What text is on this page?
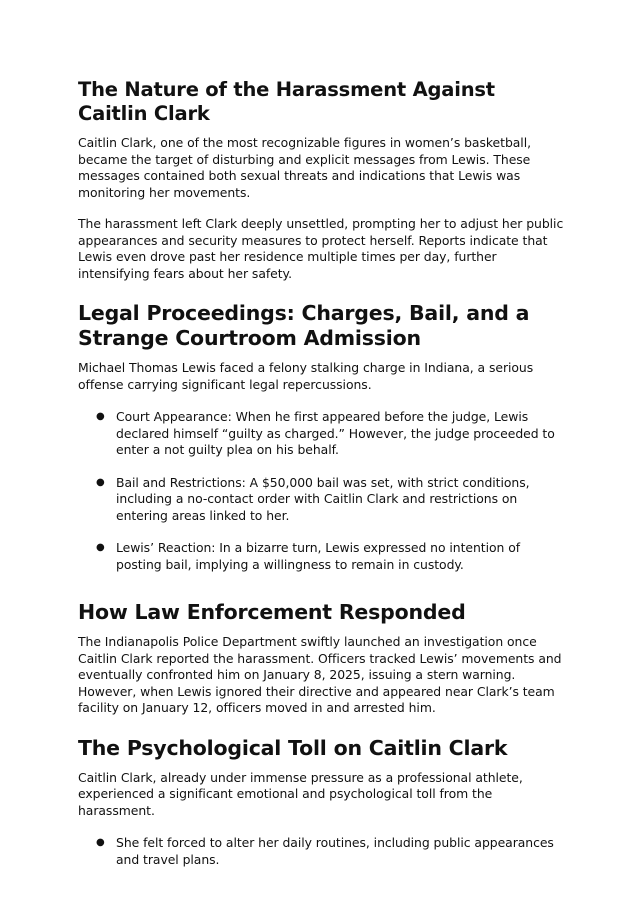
The Nature of the Harassment Against Caitlin Clark

Caitlin Clark, one of the most recognizable figures in women’s basketball, became the target of disturbing and explicit messages from Lewis. These messages contained both sexual threats and indications that Lewis was monitoring her movements.

The harassment left Clark deeply unsettled, prompting her to adjust her public appearances and security measures to protect herself. Reports indicate that Lewis even drove past her residence multiple times per day, further intensifying fears about her safety.

Legal Proceedings: Charges, Bail, and a Strange Courtroom Admission

Michael Thomas Lewis faced a felony stalking charge in Indiana, a serious offense carrying significant legal repercussions.

● Court Appearance: When he first appeared before the judge, Lewis declared himself “guilty as charged.” However, the judge proceeded to enter a not guilty plea on his behalf.
● Bail and Restrictions: A $50,000 bail was set, with strict conditions, including a no-contact order with Caitlin Clark and restrictions on entering areas linked to her.
● Lewis’ Reaction: In a bizarre turn, Lewis expressed no intention of posting bail, implying a willingness to remain in custody.
How Law Enforcement Responded

The Indianapolis Police Department swiftly launched an investigation once Caitlin Clark reported the harassment. Officers tracked Lewis’ movements and eventually confronted him on January 8, 2025, issuing a stern warning. However, when Lewis ignored their directive and appeared near Clark’s team facility on January 12, officers moved in and arrested him.

The Psychological Toll on Caitlin Clark

Caitlin Clark, already under immense pressure as a professional athlete, experienced a significant emotional and psychological toll from the harassment.

● She felt forced to alter her daily routines, including public appearances and travel plans.
